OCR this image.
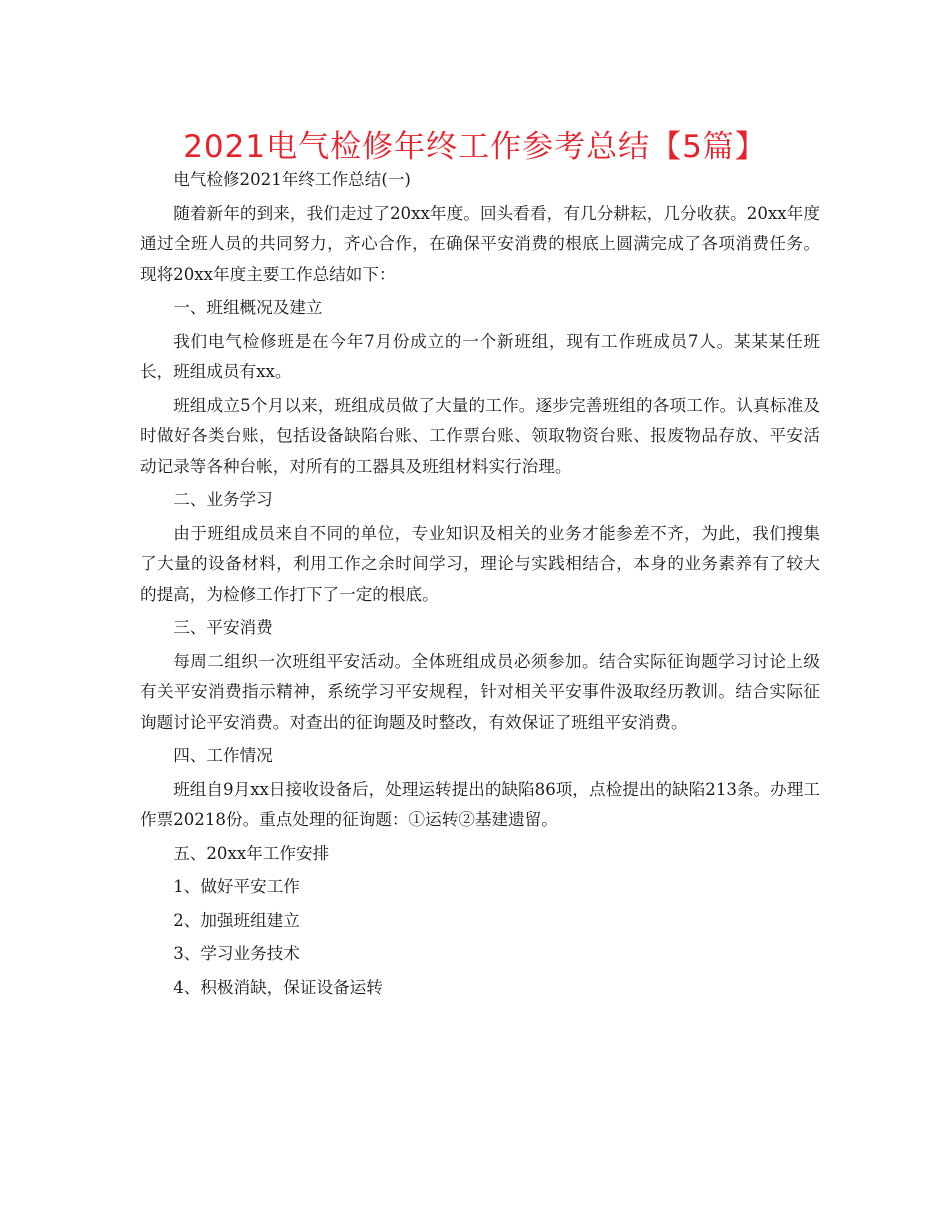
2021电气检修年终工作参考总结【5篇】
电气检修2021年终工作总结(一)
随着新年的到来，我们走过了20xx年度。回头看看，有几分耕耘，几分收获。20xx年度通过全班人员的共同努力，齐心合作，在确保平安消费的根底上圆满完成了各项消费任务。现将20xx年度主要工作总结如下：
一、班组概况及建立
我们电气检修班是在今年7月份成立的一个新班组，现有工作班成员7人。某某某任班长，班组成员有xx。
班组成立5个月以来，班组成员做了大量的工作。逐步完善班组的各项工作。认真标准及时做好各类台账，包括设备缺陷台账、工作票台账、领取物资台账、报废物品存放、平安活动记录等各种台帐，对所有的工器具及班组材料实行治理。
二、业务学习
由于班组成员来自不同的单位，专业知识及相关的业务才能参差不齐，为此，我们搜集了大量的设备材料，利用工作之余时间学习，理论与实践相结合，本身的业务素养有了较大的提高，为检修工作打下了一定的根底。
三、平安消费
每周二组织一次班组平安活动。全体班组成员必须参加。结合实际征询题学习讨论上级有关平安消费指示精神，系统学习平安规程，针对相关平安事件汲取经历教训。结合实际征询题讨论平安消费。对查出的征询题及时整改，有效保证了班组平安消费。
四、工作情况
班组自9月xx日接收设备后，处理运转提出的缺陷86项，点检提出的缺陷213条。办理工作票20218份。重点处理的征询题：①运转②基建遗留。
五、20xx年工作安排
1、做好平安工作
2、加强班组建立
3、学习业务技术
4、积极消缺，保证设备运转
